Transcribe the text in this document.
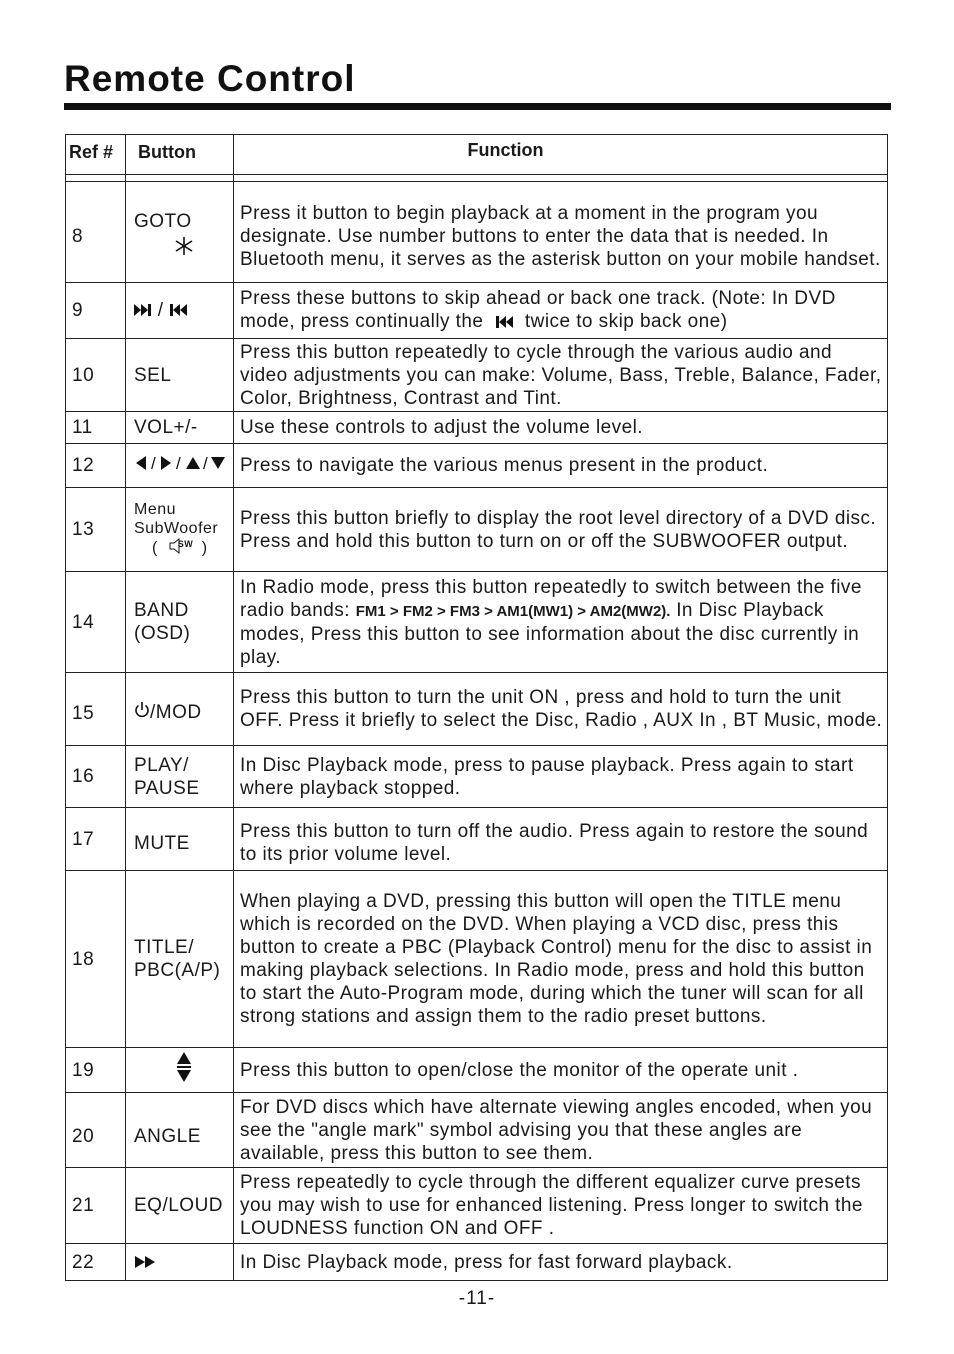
Remote Control
Ref #	Button	Function

8	GOTO	Press it button to begin playback at a moment in the program you designate. Use number buttons to enter the data that is needed. In Bluetooth menu, it serves as the asterisk button on your mobile handset.
9	/	Press these buttons to skip ahead or back one track. (Note: In DVD mode, press continually the twice to skip back one)
10	SEL	Press this button repeatedly to cycle through the various audio and video adjustments you can make: Volume, Bass, Treble, Balance, Fader, Color, Brightness, Contrast and Tint.
11	VOL+/-	Use these controls to adjust the volume level.
12	/ / /	Press to navigate the various menus present in the product.
13	Menu
SubWoofer
( SW )	Press this button briefly to display the root level directory of a DVD disc. Press and hold this button to turn on or off the SUBWOOFER output.
14	BAND
(OSD)	In Radio mode, press this button repeatedly to switch between the five radio bands: FM1 > FM2 > FM3 > AM1(MW1) > AM2(MW2). In Disc Playback modes, Press this button to see information about the disc currently in play.
15	/MOD	Press this button to turn the unit ON , press and hold to turn the unit OFF. Press it briefly to select the Disc, Radio , AUX In , BT Music, mode.
16	PLAY/
PAUSE	In Disc Playback mode, press to pause playback. Press again to start where playback stopped.
17	MUTE	Press this button to turn off the audio. Press again to restore the sound to its prior volume level.
18	TITLE/
PBC(A/P)	When playing a DVD, pressing this button will open the TITLE menu which is recorded on the DVD. When playing a VCD disc, press this button to create a PBC (Playback Control) menu for the disc to assist in making playback selections. In Radio mode, press and hold this button to start the Auto-Program mode, during which the tuner will scan for all strong stations and assign them to the radio preset buttons.
19		Press this button to open/close the monitor of the operate unit .
20	ANGLE	For DVD discs which have alternate viewing angles encoded, when you see the "angle mark" symbol advising you that these angles are available, press this button to see them.
21	EQ/LOUD	Press repeatedly to cycle through the different equalizer curve presets you may wish to use for enhanced listening. Press longer to switch the LOUDNESS function ON and OFF .
22		In Disc Playback mode, press for fast forward playback.
-11-
